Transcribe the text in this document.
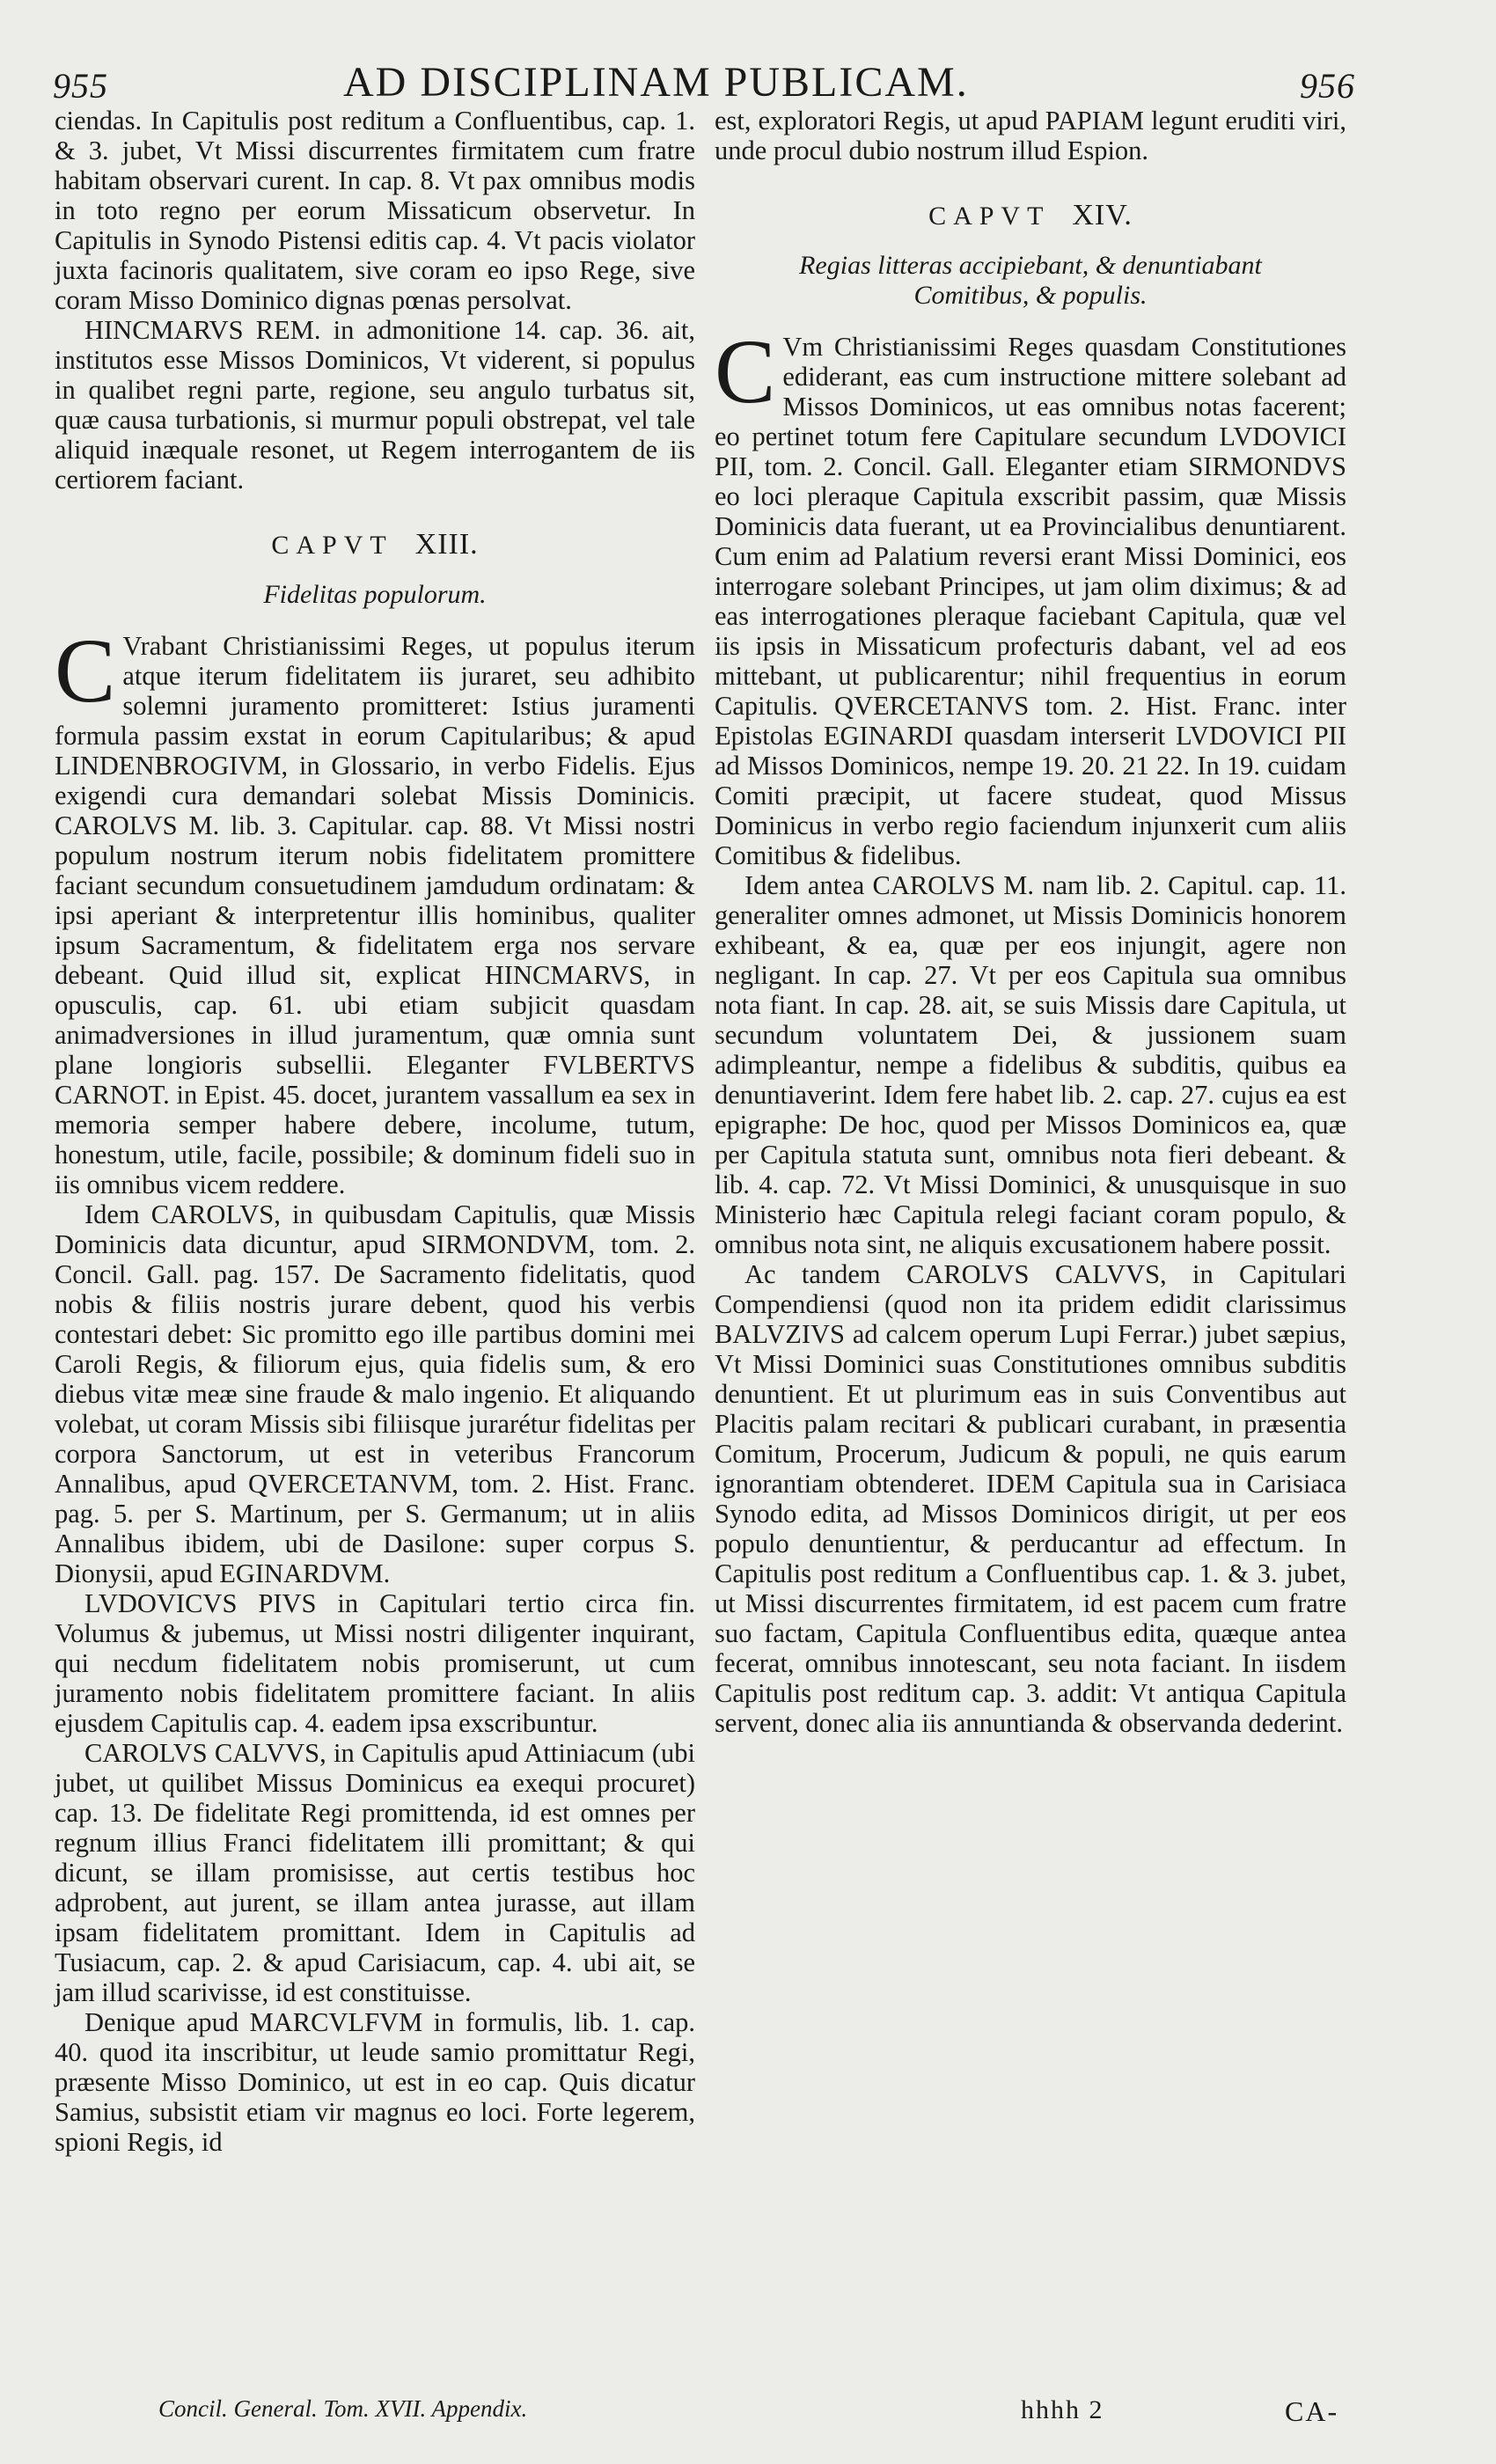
955	AD DISCIPLINAM PUBLICAM.	956

ciendas. In Capitulis post reditum a Confluentibus, cap. 1. & 3. jubet, Vt Missi discurrentes firmitatem cum fratre habitam observari curent. In cap. 8. Vt pax omnibus modis in toto regno per eorum Missaticum observetur. In Capitulis in Synodo Pistensi editis cap. 4. Vt pacis violator juxta facinoris qualitatem, sive coram eo ipso Rege, sive coram Misso Dominico dignas pœnas persolvat.

HINCMARVS REM. in admonitione 14. cap. 36. ait, institutos esse Missos Dominicos, Vt viderent, si populus in qualibet regni parte, regione, seu angulo turbatus sit, quæ causa turbationis, si murmur populi obstrepat, vel tale aliquid inæquale resonet, ut Regem interrogantem de iis certiorem faciant.

CAPVT XIII.
Fidelitas populorum.

C Vrabant Christianissimi Reges, ut populus iterum atque iterum fidelitatem iis juraret, seu adhibito solemni juramento promitteret: Istius juramenti formula passim exstat in eorum Capitularibus; & apud LINDENBROGIVM, in Glossario, in verbo Fidelis. Ejus exigendi cura demandari solebat Missis Dominicis. CAROLVS M. lib. 3. Capitular. cap. 88. Vt Missi nostri populum nostrum iterum nobis fidelitatem promittere faciant secundum consuetudinem jamdudum ordinatam: & ipsi aperiant & interpretentur illis hominibus, qualiter ipsum Sacramentum, & fidelitatem erga nos servare debeant. Quid illud sit, explicat HINCMARVS, in opusculis, cap. 61. ubi etiam subjicit quasdam animadversiones in illud juramentum, quæ omnia sunt plane longioris subsellii. Eleganter FVLBERTVS CARNOT. in Epist. 45. docet, jurantem vassallum ea sex in memoria semper habere debere, incolume, tutum, honestum, utile, facile, possibile; & dominum fideli suo in iis omnibus vicem reddere.

Idem CAROLVS, in quibusdam Capitulis, quæ Missis Dominicis data dicuntur, apud SIRMONDVM, tom. 2. Concil. Gall. pag. 157. De Sacramento fidelitatis, quod nobis & filiis nostris jurare debent, quod his verbis contestari debet: Sic promitto ego ille partibus domini mei Caroli Regis, & filiorum ejus, quia fidelis sum, & ero diebus vitæ meæ sine fraude & malo ingenio. Et aliquando volebat, ut coram Missis sibi filiisque jurarétur fidelitas per corpora Sanctorum, ut est in veteribus Francorum Annalibus, apud QVERCETANVM, tom. 2. Hist. Franc. pag. 5. per S. Martinum, per S. Germanum; ut in aliis Annalibus ibidem, ubi de Dasilone: super corpus S. Dionysii, apud EGINARDVM.

LVDOVICVS PIVS in Capitulari tertio circa fin. Volumus & jubemus, ut Missi nostri diligenter inquirant, qui necdum fidelitatem nobis promiserunt, ut cum juramento nobis fidelitatem promittere faciant. In aliis ejusdem Capitulis cap. 4. eadem ipsa exscribuntur.

CAROLVS CALVVS, in Capitulis apud Attiniacum (ubi jubet, ut quilibet Missus Dominicus ea exequi procuret) cap. 13. De fidelitate Regi promittenda, id est omnes per regnum illius Franci fidelitatem illi promittant; & qui dicunt, se illam promisisse, aut certis testibus hoc adprobent, aut jurent, se illam antea jurasse, aut illam ipsam fidelitatem promittant. Idem in Capitulis ad Tusiacum, cap. 2. & apud Carisiacum, cap. 4. ubi ait, se jam illud scarivisse, id est constituisse.

Denique apud MARCVLFVM in formulis, lib. 1. cap. 40. quod ita inscribitur, ut leude samio promittatur Regi, præsente Misso Dominico, ut est in eo cap. Quis dicatur Samius, subsistit etiam vir magnus eo loci. Forte legerem, spioni Regis, id

est, exploratori Regis, ut apud PAPIAM legunt eruditi viri, unde procul dubio nostrum illud Espion.

CAPVT XIV.
Regias litteras accipiebant, & denuntiabant Comitibus, & populis.

C Vm Christianissimi Reges quasdam Constitutiones ediderant, eas cum instructione mittere solebant ad Missos Dominicos, ut eas omnibus notas facerent; eo pertinet totum fere Capitulare secundum LVDOVICI PII, tom. 2. Concil. Gall. Eleganter etiam SIRMONDVS eo loci pleraque Capitula exscribit passim, quæ Missis Dominicis data fuerant, ut ea Provincialibus denuntiarent. Cum enim ad Palatium reversi erant Missi Dominici, eos interrogare solebant Principes, ut jam olim diximus; & ad eas interrogationes pleraque faciebant Capitula, quæ vel iis ipsis in Missaticum profecturis dabant, vel ad eos mittebant, ut publicarentur; nihil frequentius in eorum Capitulis. QVERCETANVS tom. 2. Hist. Franc. inter Epistolas EGINARDI quasdam interserit LVDOVICI PII ad Missos Dominicos, nempe 19. 20. 21 22. In 19. cuidam Comiti præcipit, ut facere studeat, quod Missus Dominicus in verbo regio faciendum injunxerit cum aliis Comitibus & fidelibus.

Idem antea CAROLVS M. nam lib. 2. Capitul. cap. 11. generaliter omnes admonet, ut Missis Dominicis honorem exhibeant, & ea, quæ per eos injungit, agere non negligant. In cap. 27. Vt per eos Capitula sua omnibus nota fiant. In cap. 28. ait, se suis Missis dare Capitula, ut secundum voluntatem Dei, & jussionem suam adimpleantur, nempe a fidelibus & subditis, quibus ea denuntiaverint. Idem fere habet lib. 2. cap. 27. cujus ea est epigraphe: De hoc, quod per Missos Dominicos ea, quæ per Capitula statuta sunt, omnibus nota fieri debeant. & lib. 4. cap. 72. Vt Missi Dominici, & unusquisque in suo Ministerio hæc Capitula relegi faciant coram populo, & omnibus nota sint, ne aliquis excusationem habere possit.

Ac tandem CAROLVS CALVVS, in Capitulari Compendiensi (quod non ita pridem edidit clarissimus BALVZIVS ad calcem operum Lupi Ferrar.) jubet sæpius, Vt Missi Dominici suas Constitutiones omnibus subditis denuntient. Et ut plurimum eas in suis Conventibus aut Placitis palam recitari & publicari curabant, in præsentia Comitum, Procerum, Judicum & populi, ne quis earum ignorantiam obtenderet. IDEM Capitula sua in Carisiaca Synodo edita, ad Missos Dominicos dirigit, ut per eos populo denuntientur, & perducantur ad effectum. In Capitulis post reditum a Confluentibus cap. 1. & 3. jubet, ut Missi discurrentes firmitatem, id est pacem cum fratre suo factam, Capitula Confluentibus edita, quæque antea fecerat, omnibus innotescant, seu nota faciant. In iisdem Capitulis post reditum cap. 3. addit: Vt antiqua Capitula servent, donec alia iis annuntianda & observanda dederint.

Concil. General. Tom. XVII. Appendix.	hhhh 2	CA-
